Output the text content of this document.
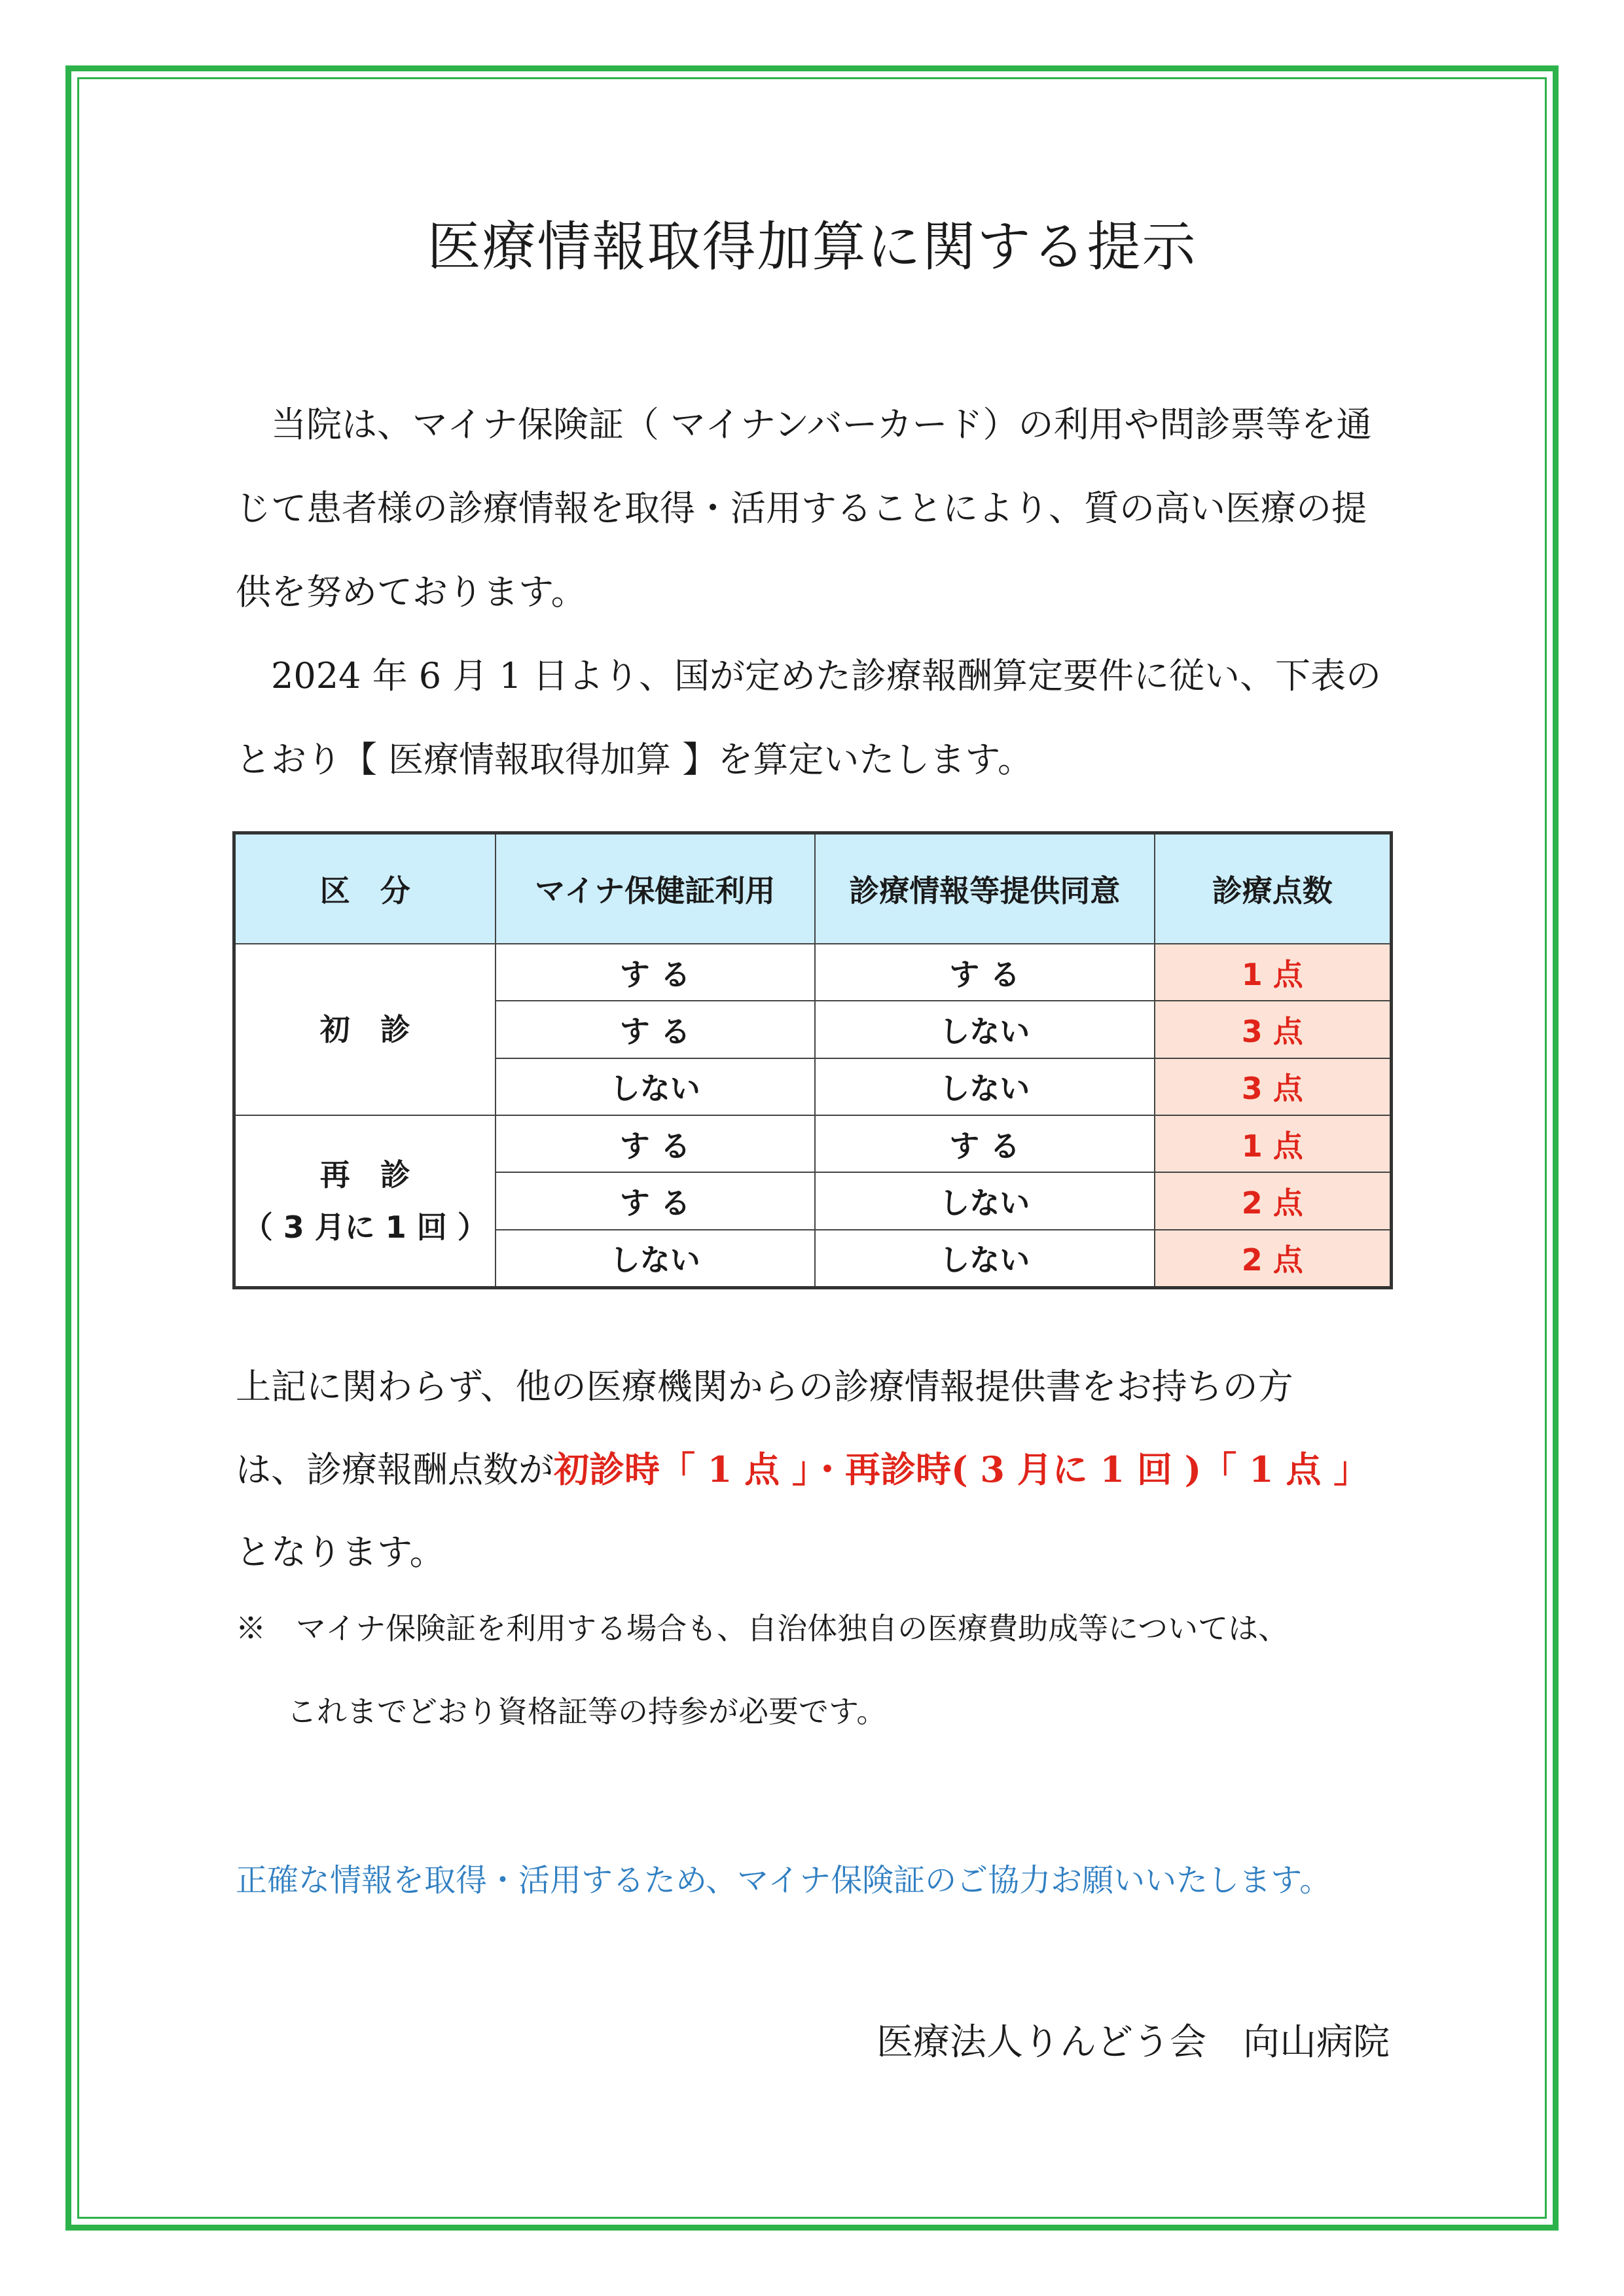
医療情報取得加算に関する提示
　当院は、マイナ保険証（ マイナンバーカード）の利用や問診票等を通じて患者様の診療情報を取得・活用することにより、質の高い医療の提供を努めております。
　2024 年 6 月 1 日より、国が定めた診療報酬算定要件に従い、下表のとおり【 医療情報取得加算 】を算定いたします。
区　分	マイナ保健証利用	診療情報等提供同意	診療点数

初　診	す る	す る	1 点
	す る	しない	3 点
	しない	しない	3 点

再　診
（ 3 月に 1 回 ）	す る	す る	1 点
	す る	しない	2 点
	しない	しない	2 点
上記に関わらず、他の医療機関からの診療情報提供書をお持ちの方
は、診療報酬点数が初診時「 1 点 」・再診時( 3 月に 1 回 )「 1 点 」
となります。
※　マイナ保険証を利用する場合も、自治体独自の医療費助成等については、
これまでどおり資格証等の持参が必要です。
正確な情報を取得・活用するため、マイナ保険証のご協力お願いいたします。
医療法人りんどう会　向山病院
